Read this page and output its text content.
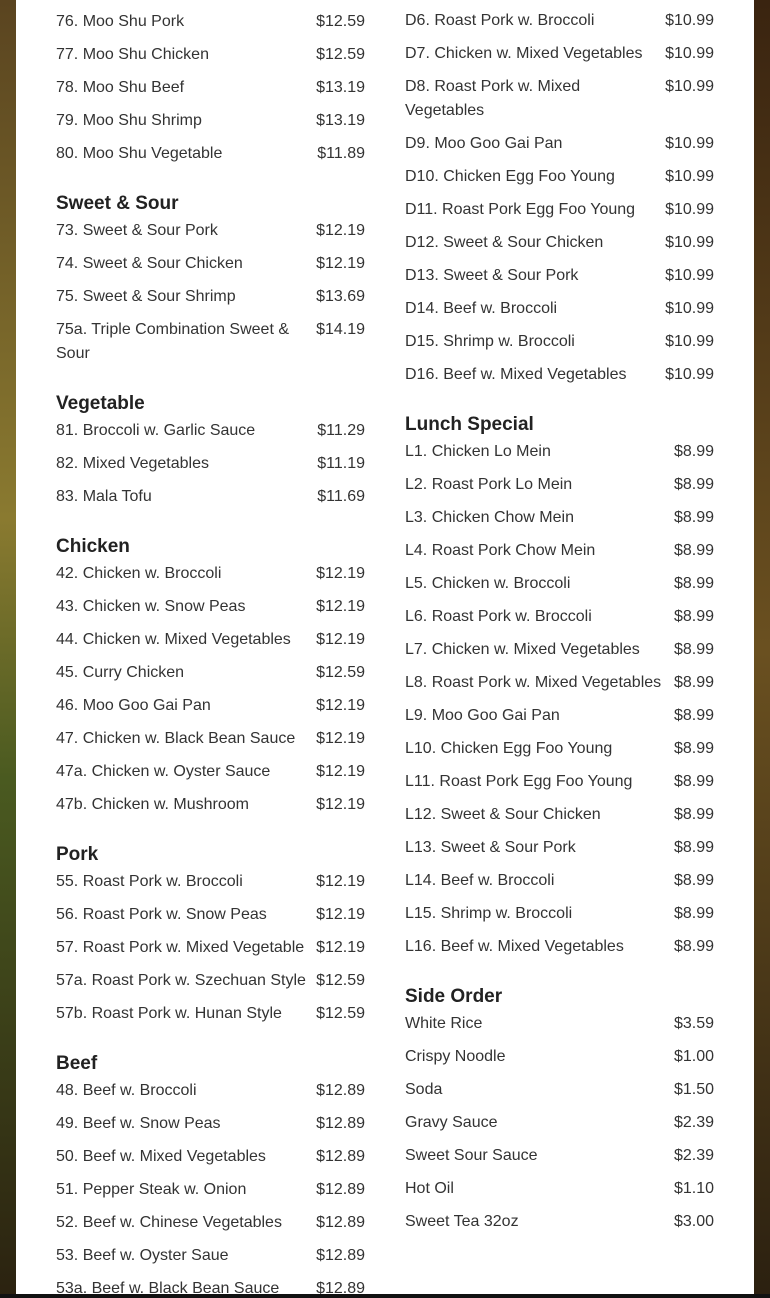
76. Moo Shu Pork	$12.59
77. Moo Shu Chicken	$12.59
78. Moo Shu Beef	$13.19
79. Moo Shu Shrimp	$13.19
80. Moo Shu Vegetable	$11.89
Sweet & Sour
73. Sweet & Sour Pork	$12.19
74. Sweet & Sour Chicken	$12.19
75. Sweet & Sour Shrimp	$13.69
75a. Triple Combination Sweet & Sour
$14.19
Vegetable
81. Broccoli w. Garlic Sauce	$11.29
82. Mixed Vegetables	$11.19
83. Mala Tofu	$11.69
Chicken
42. Chicken w. Broccoli	$12.19
43. Chicken w. Snow Peas	$12.19
44. Chicken w. Mixed Vegetables	$12.19
45. Curry Chicken	$12.59
46. Moo Goo Gai Pan	$12.19
47. Chicken w. Black Bean Sauce	$12.19
47a. Chicken w. Oyster Sauce	$12.19
47b. Chicken w. Mushroom	$12.19
Pork
55. Roast Pork w. Broccoli	$12.19
56. Roast Pork w. Snow Peas	$12.19
57. Roast Pork w. Mixed Vegetable $12.19
57a. Roast Pork w. Szechuan Style $12.59
57b. Roast Pork w. Hunan Style	$12.59
Beef
48. Beef w. Broccoli	$12.89
49. Beef w. Snow Peas	$12.89
50. Beef w. Mixed Vegetables	$12.89
51. Pepper Steak w. Onion	$12.89
52. Beef w. Chinese Vegetables	$12.89
53. Beef w. Oyster Saue	$12.89
53a. Beef w. Black Bean Sauce	$12.89
D6. Roast Pork w. Broccoli	$10.99
D7. Chicken w. Mixed Vegetables	$10.99
D8. Roast Pork w. Mixed Vegetables
$10.99
D9. Moo Goo Gai Pan	$10.99
D10. Chicken Egg Foo Young	$10.99
D11. Roast Pork Egg Foo Young	$10.99
D12. Sweet & Sour Chicken	$10.99
D13. Sweet & Sour Pork	$10.99
D14. Beef w. Broccoli	$10.99
D15. Shrimp w. Broccoli	$10.99
D16. Beef w. Mixed Vegetables	$10.99
Lunch Special
L1. Chicken Lo Mein	$8.99
L2. Roast Pork Lo Mein	$8.99
L3. Chicken Chow Mein	$8.99
L4. Roast Pork Chow Mein	$8.99
L5. Chicken w. Broccoli	$8.99
L6. Roast Pork w. Broccoli	$8.99
L7. Chicken w. Mixed Vegetables	$8.99
L8. Roast Pork w. Mixed Vegetables $8.99
L9. Moo Goo Gai Pan	$8.99
L10. Chicken Egg Foo Young	$8.99
L11. Roast Pork Egg Foo Young	$8.99
L12. Sweet & Sour Chicken	$8.99
L13. Sweet & Sour Pork	$8.99
L14. Beef w. Broccoli	$8.99
L15. Shrimp w. Broccoli	$8.99
L16. Beef w. Mixed Vegetables	$8.99
Side Order
White Rice	$3.59
Crispy Noodle	$1.00
Soda	$1.50
Gravy Sauce	$2.39
Sweet Sour Sauce	$2.39
Hot Oil	$1.10
Sweet Tea 32oz	$3.00
